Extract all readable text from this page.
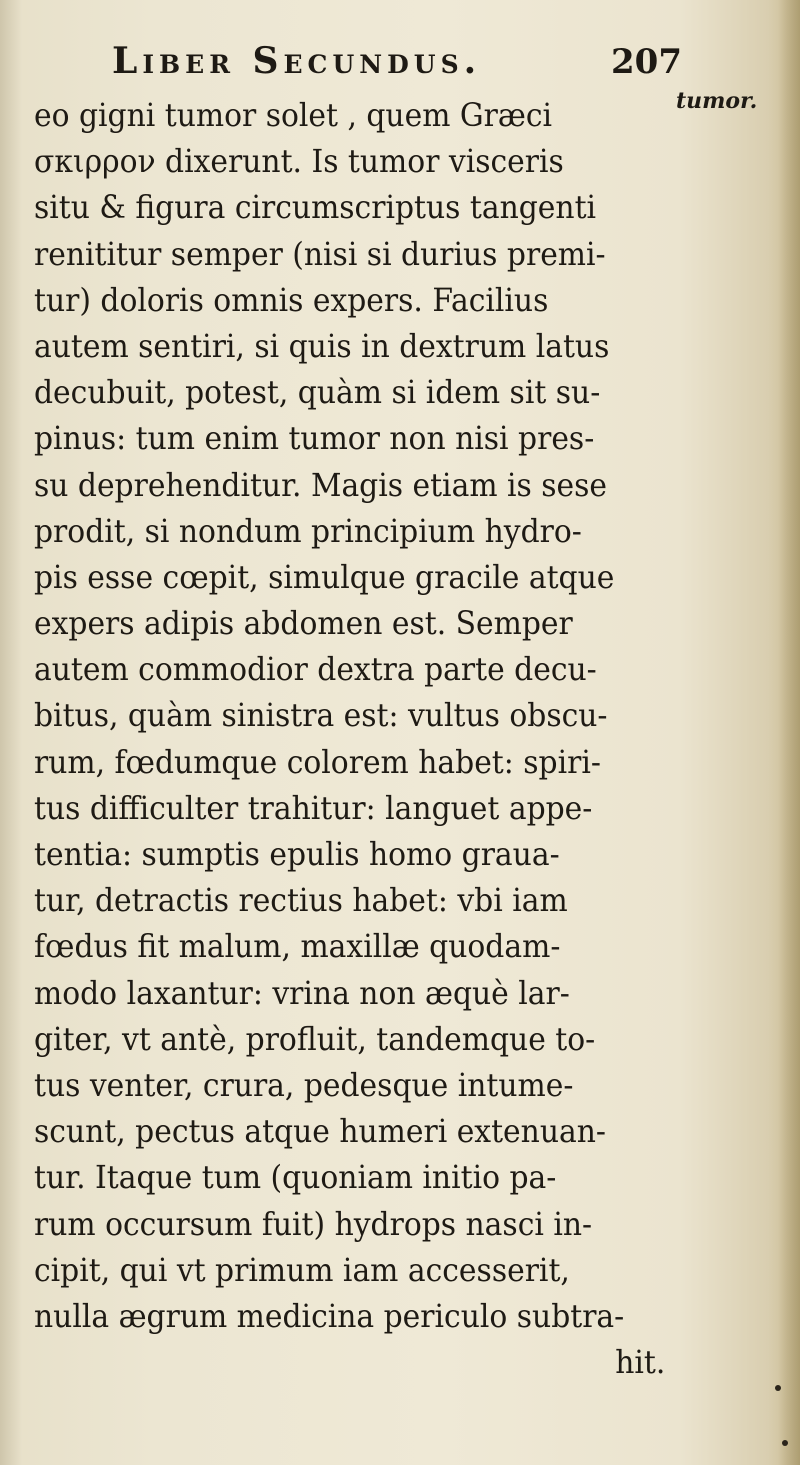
Liber Secundus.	207
tumor.
eo gigni tumor solet , quem Græci
σκιρρον dixerunt. Is tumor visceris
situ & figura circumscriptus tangenti
renititur semper (nisi si durius premi-
tur) doloris omnis expers. Facilius
autem sentiri, si quis in dextrum latus
decubuit, potest, quàm si idem sit su-
pinus: tum enim tumor non nisi pres-
su deprehenditur. Magis etiam is sese
prodit, si nondum principium hydro-
pis esse cœpit, simulque gracile atque
expers adipis abdomen est. Semper
autem commodior dextra parte decu-
bitus, quàm sinistra est: vultus obscu-
rum, fœdumque colorem habet: spiri-
tus difficulter trahitur: languet appe-
tentia: sumptis epulis homo graua-
tur, detractis rectius habet: vbi iam
fœdus fit malum, maxillæ quodam-
modo laxantur: vrina non æquè lar-
giter, vt antè, profluit, tandemque to-
tus venter, crura, pedesque intume-
scunt, pectus atque humeri extenuan-
tur. Itaque tum (quoniam initio pa-
rum occursum fuit) hydrops nasci in-
cipit, qui vt primum iam accesserit,
nulla ægrum medicina periculo subtra-
hit.
